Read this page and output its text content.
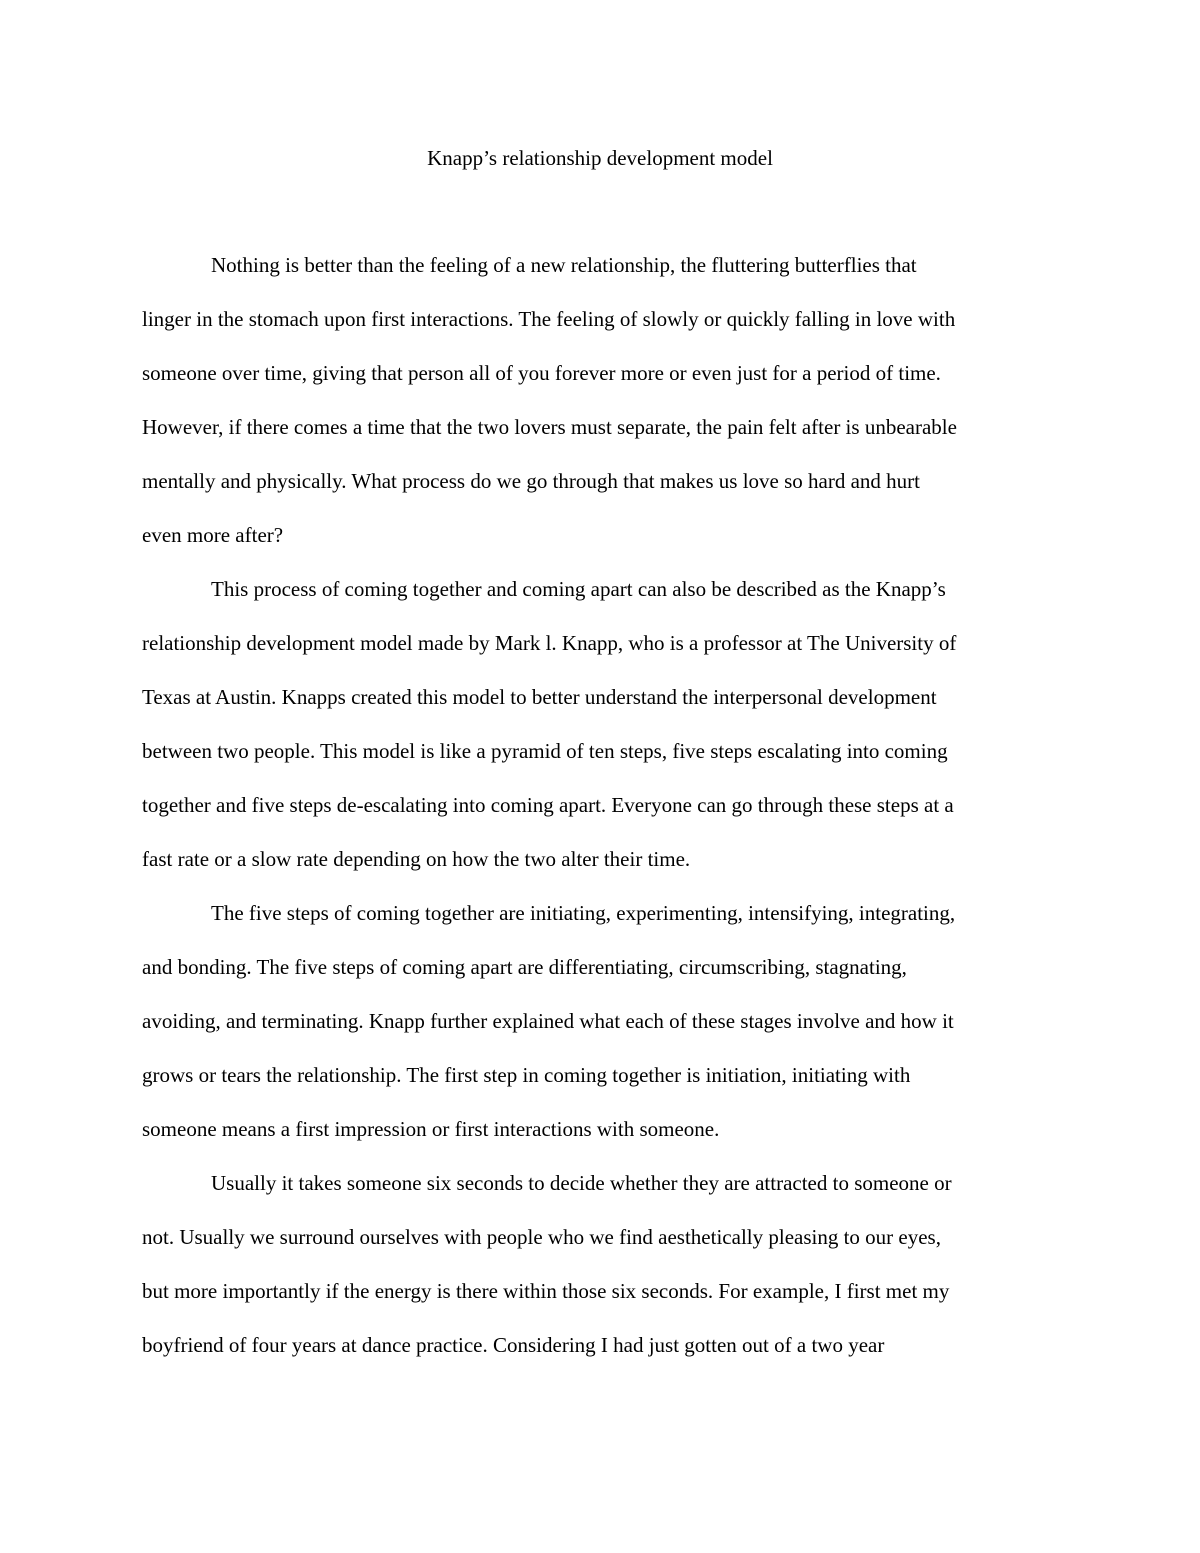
Knapp’s relationship development model
Nothing is better than the feeling of a new relationship, the fluttering butterflies that
linger in the stomach upon first interactions. The feeling of slowly or quickly falling in love with
someone over time, giving that person all of you forever more or even just for a period of time.
However, if there comes a time that the two lovers must separate, the pain felt after is unbearable
mentally and physically. What process do we go through that makes us love so hard and hurt
even more after?
This process of coming together and coming apart can also be described as the Knapp’s
relationship development model made by Mark l. Knapp, who is a professor at The University of
Texas at Austin. Knapps created this model to better understand the interpersonal development
between two people. This model is like a pyramid of ten steps, five steps escalating into coming
together and five steps de-escalating into coming apart. Everyone can go through these steps at a
fast rate or a slow rate depending on how the two alter their time.
The five steps of coming together are initiating, experimenting, intensifying, integrating,
and bonding. The five steps of coming apart are differentiating, circumscribing, stagnating,
avoiding, and terminating. Knapp further explained what each of these stages involve and how it
grows or tears the relationship. The first step in coming together is initiation, initiating with
someone means a first impression or first interactions with someone.
Usually it takes someone six seconds to decide whether they are attracted to someone or
not. Usually we surround ourselves with people who we find aesthetically pleasing to our eyes,
but more importantly if the energy is there within those six seconds. For example, I first met my
boyfriend of four years at dance practice. Considering I had just gotten out of a two year
